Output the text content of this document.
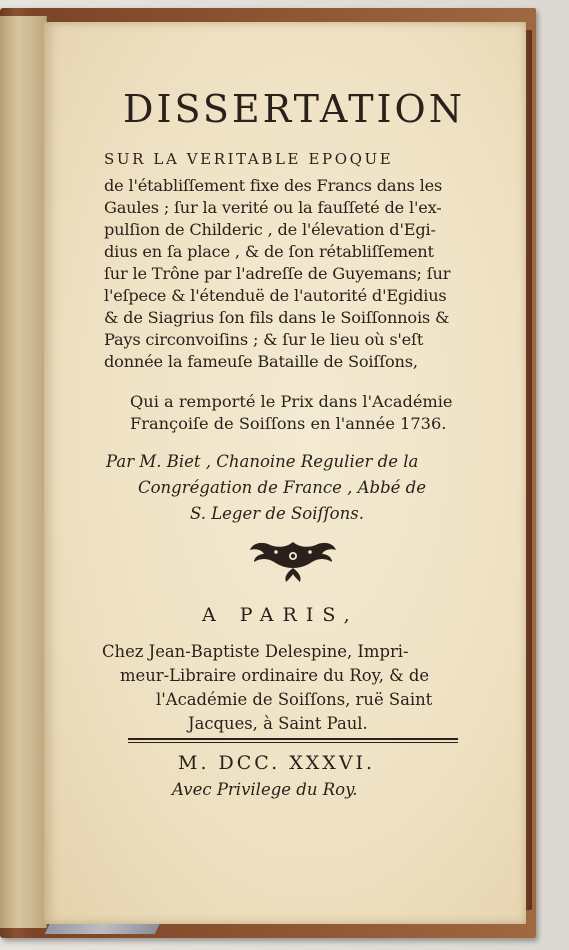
DISSERTATION
SUR LA VERITABLE EPOQUE
de l'établiſſement fixe des Francs dans les
Gaules ; ſur la verité ou la fauſſeté de l'ex-
pulſion de Childeric , de l'élevation d'Egi-
dius en ſa place , & de ſon rétabliſſement
ſur le Trône par l'adreſſe de Guyemans; ſur
l'eſpece & l'étenduë de l'autorité d'Egidius
& de Siagrius ſon fils dans le Soiſſonnois &
Pays circonvoiſins ; & ſur le lieu où s'eſt
donnée la fameuſe Bataille de Soiſſons,
Qui a remporté le Prix dans l'Académie
Françoiſe de Soiſſons en l'année 1736.
Par M. Biet , Chanoine Regulier de la
Congrégation de France , Abbé de
S. Leger de Soiſſons.
A PARIS,
Chez Jean-Baptiste Delespine, Impri-
meur-Libraire ordinaire du Roy, & de
l'Académie de Soiſſons, ruë Saint
Jacques, à Saint Paul.
M. DCC. XXXVI.
Avec Privilege du Roy.
